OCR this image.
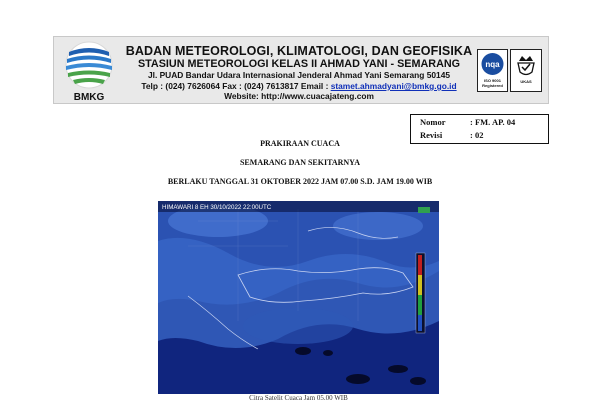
BMKG
BADAN METEOROLOGI, KLIMATOLOGI, DAN GEOFISIKA
STASIUN METEOROLOGI KELAS II AHMAD YANI - SEMARANG
Jl. PUAD Bandar Udara Internasional Jenderal Ahmad Yani Semarang 50145
Telp : (024) 7626064 Fax : (024) 7613817 Email : stamet.ahmadyani@bmkg.go.id
Website: http://www.cuacajateng.com
nqa
ISO 9001 Registered
UKAS
Nomor	: FM. AP. 04
Revisi	: 02
PRAKIRAAN CUACA
SEMARANG DAN SEKITARNYA
BERLAKU TANGGAL 31 OKTOBER 2022 JAM 07.00 S.D. JAM 19.00 WIB
HIMAWARI 8 EH 30/10/2022 22:00UTC
Citra Satelit Cuaca Jam 05.00 WIB
